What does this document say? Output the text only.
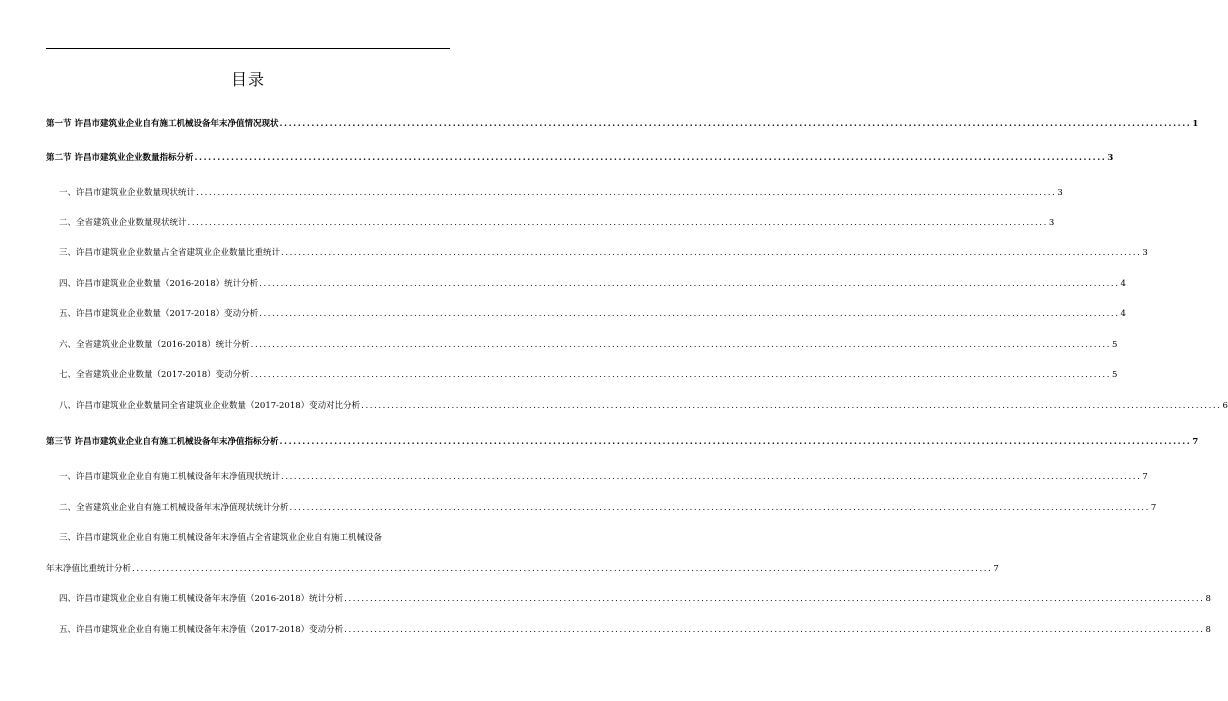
目录
第一节 许昌市建筑业企业自有施工机械设备年末净值情况现状 ........................................................................................................................................................................................................ 1
第二节 许昌市建筑业企业数量指标分析 ........................................................................................................................................................................................................ 3
一、许昌市建筑业企业数量现状统计 ........................................................................................................................................................................................................ 3
二、全省建筑业企业数量现状统计 ........................................................................................................................................................................................................ 3
三、许昌市建筑业企业数量占全省建筑业企业数量比重统计 ........................................................................................................................................................................................................ 3
四、许昌市建筑业企业数量（2016-2018）统计分析 ........................................................................................................................................................................................................ 4
五、许昌市建筑业企业数量（2017-2018）变动分析 ........................................................................................................................................................................................................ 4
六、全省建筑业企业数量（2016-2018）统计分析 ........................................................................................................................................................................................................ 5
七、全省建筑业企业数量（2017-2018）变动分析 ........................................................................................................................................................................................................ 5
八、许昌市建筑业企业数量同全省建筑业企业数量（2017-2018）变动对比分析 ........................................................................................................................................................................................................ 6
第三节 许昌市建筑业企业自有施工机械设备年末净值指标分析 ........................................................................................................................................................................................................ 7
一、许昌市建筑业企业自有施工机械设备年末净值现状统计 ........................................................................................................................................................................................................ 7
二、全省建筑业企业自有施工机械设备年末净值现状统计分析 ........................................................................................................................................................................................................ 7
三、许昌市建筑业企业自有施工机械设备年末净值占全省建筑业企业自有施工机械设备
年末净值比重统计分析 ........................................................................................................................................................................................................ 7
四、许昌市建筑业企业自有施工机械设备年末净值（2016-2018）统计分析 ........................................................................................................................................................................................................ 8
五、许昌市建筑业企业自有施工机械设备年末净值（2017-2018）变动分析 ........................................................................................................................................................................................................ 8
